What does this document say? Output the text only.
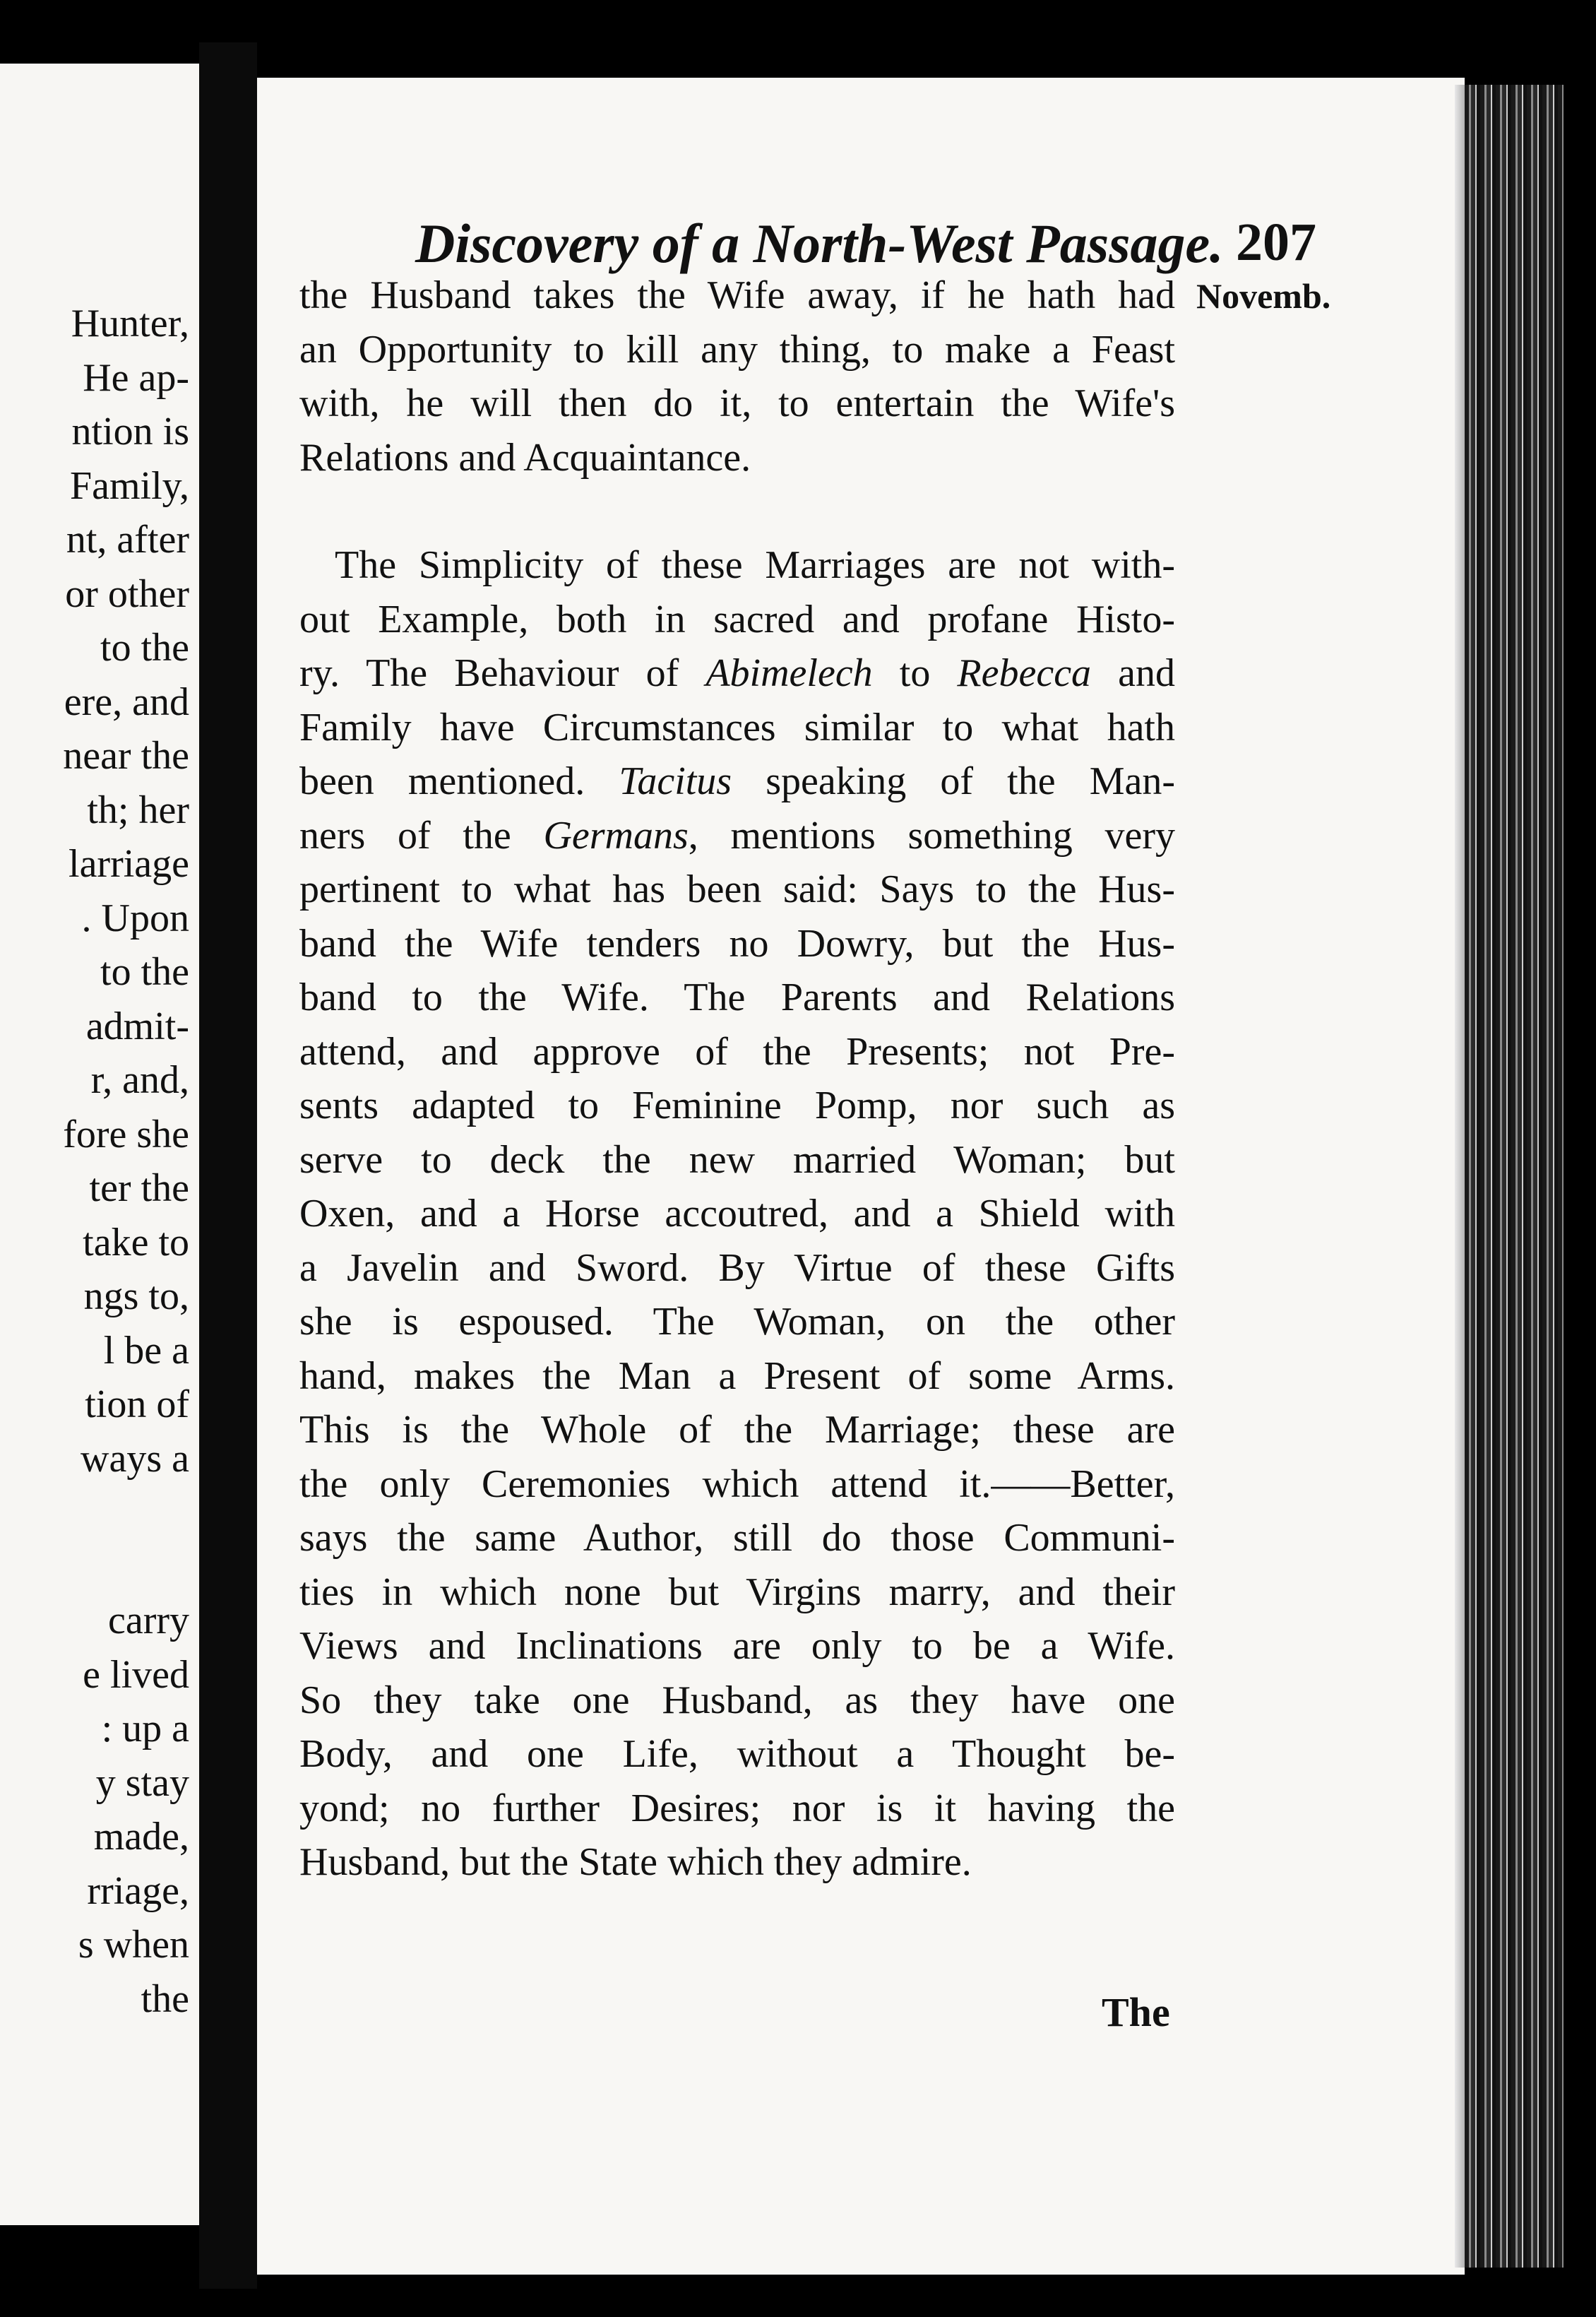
Hunter,
He ap-
ntion is
Family,
nt, after
or other
to the
ere, and
near the
th; her
larriage
. Upon
to the
admit-
r, and,
fore she
ter the
take to
ngs to,
l be a
tion of
ways a
carry
e lived
: up a
y stay
made,
rriage,
s when
the
Discovery of a North-West Passage. 207
Novemb.
the Husband takes the Wife away, if he hath had
an Opportunity to kill any thing, to make a Feast
with, he will then do it, to entertain the Wife's
Relations and Acquaintance.
The Simplicity of these Marriages are not with-
out Example, both in sacred and profane Histo-
ry. The Behaviour of Abimelech to Rebecca and
Family have Circumstances similar to what hath
been mentioned. Tacitus speaking of the Man-
ners of the Germans, mentions something very
pertinent to what has been said: Says to the Hus-
band the Wife tenders no Dowry, but the Hus-
band to the Wife. The Parents and Relations
attend, and approve of the Presents; not Pre-
sents adapted to Feminine Pomp, nor such as
serve to deck the new married Woman; but
Oxen, and a Horse accoutred, and a Shield with
a Javelin and Sword. By Virtue of these Gifts
she is espoused. The Woman, on the other
hand, makes the Man a Present of some Arms.
This is the Whole of the Marriage; these are
the only Ceremonies which attend it.——Better,
says the same Author, still do those Communi-
ties in which none but Virgins marry, and their
Views and Inclinations are only to be a Wife.
So they take one Husband, as they have one
Body, and one Life, without a Thought be-
yond; no further Desires; nor is it having the
Husband, but the State which they admire.
The
